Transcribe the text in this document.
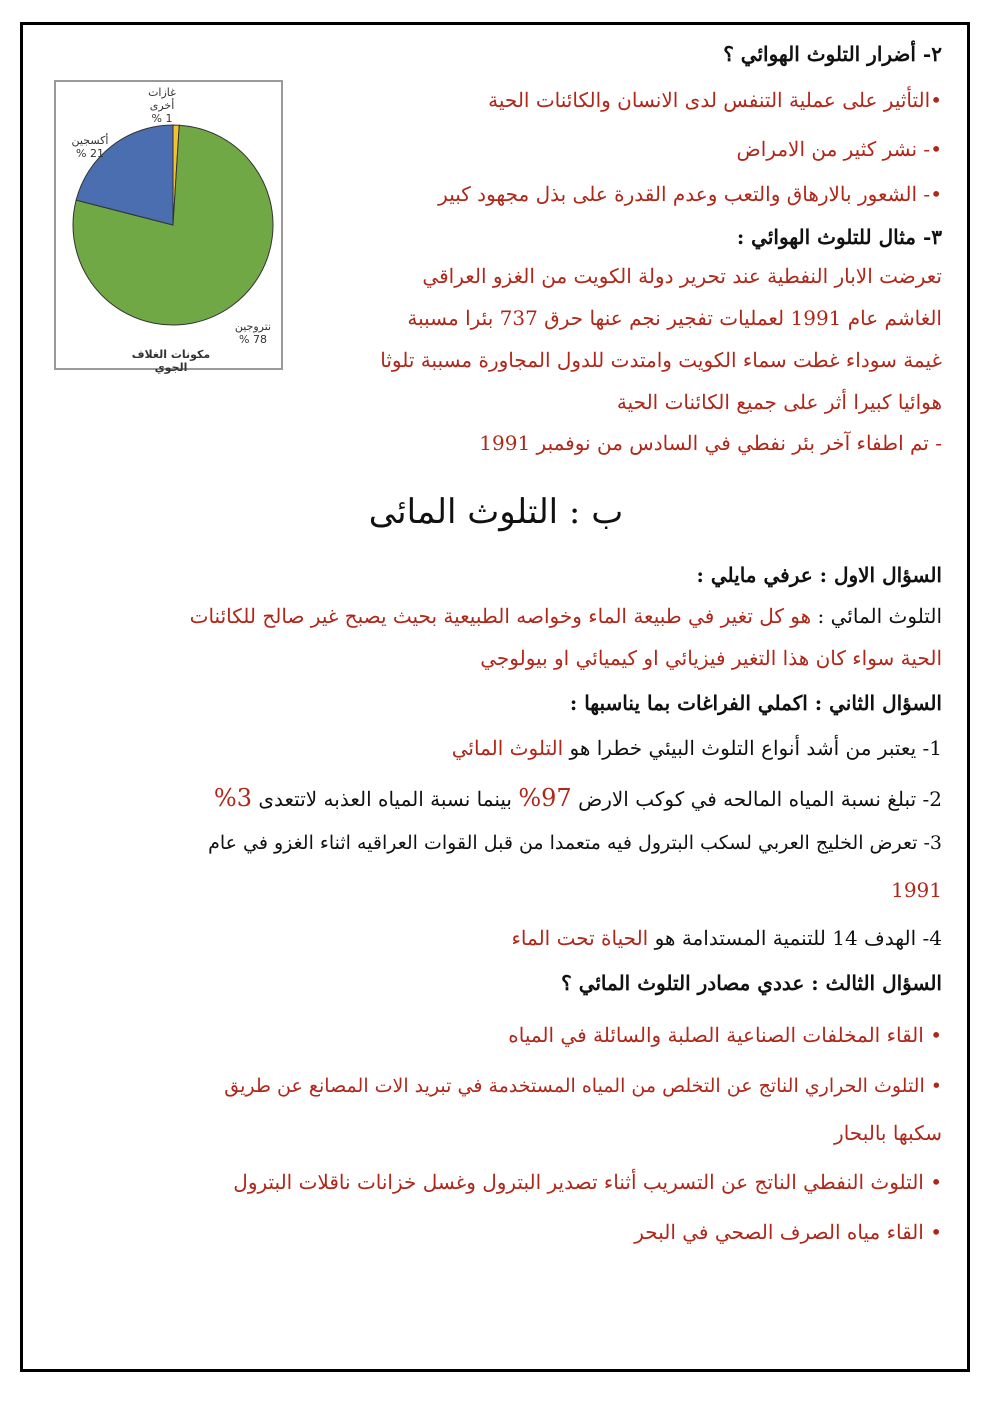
غازات أخرى
1 %
أكسجين
21 %
نتروجين
78 %
مكونات الغلاف الجوي
٢- أضرار التلوث الهوائي ؟
•التأثير على عملية التنفس لدى الانسان والكائنات الحية
•- نشر كثير من الامراض
•- الشعور بالارهاق والتعب وعدم القدرة على بذل مجهود كبير
٣- مثال للتلوث الهوائي :
تعرضت الابار النفطية عند تحرير دولة الكويت من الغزو العراقي
الغاشم عام 1991 لعمليات تفجير نجم عنها حرق 737 بئرا مسببة
غيمة سوداء غطت سماء الكويت وامتدت للدول المجاورة مسببة تلوثا
هوائيا كبيرا أثر على جميع الكائنات الحية
- تم اطفاء آخر بئر نفطي في السادس من نوفمبر 1991
ب : التلوث المائى
السؤال الاول : عرفي مايلي :
التلوث المائي : هو كل تغير في طبيعة الماء وخواصه الطبيعية بحيث يصبح غير صالح للكائنات
الحية سواء كان هذا التغير فيزيائي او كيميائي او بيولوجي
السؤال الثاني : اكملي الفراغات بما يناسبها :
1- يعتبر من أشد أنواع التلوث البيئي خطرا هو التلوث المائي
2- تبلغ نسبة المياه المالحه في كوكب الارض 97% بينما نسبة المياه العذبه لاتتعدى 3%
3- تعرض الخليج العربي لسكب البترول فيه متعمدا من قبل القوات العراقيه اثناء الغزو في عام
1991
4- الهدف 14 للتنمية المستدامة هو الحياة تحت الماء
السؤال الثالث : عددي مصادر التلوث المائي ؟
• القاء المخلفات الصناعية الصلبة والسائلة في المياه
• التلوث الحراري الناتج عن التخلص من المياه المستخدمة في تبريد الات المصانع عن طريق
سكبها بالبحار
• التلوث النفطي الناتج عن التسريب أثناء تصدير البترول وغسل خزانات ناقلات البترول
• القاء مياه الصرف الصحي في البحر
